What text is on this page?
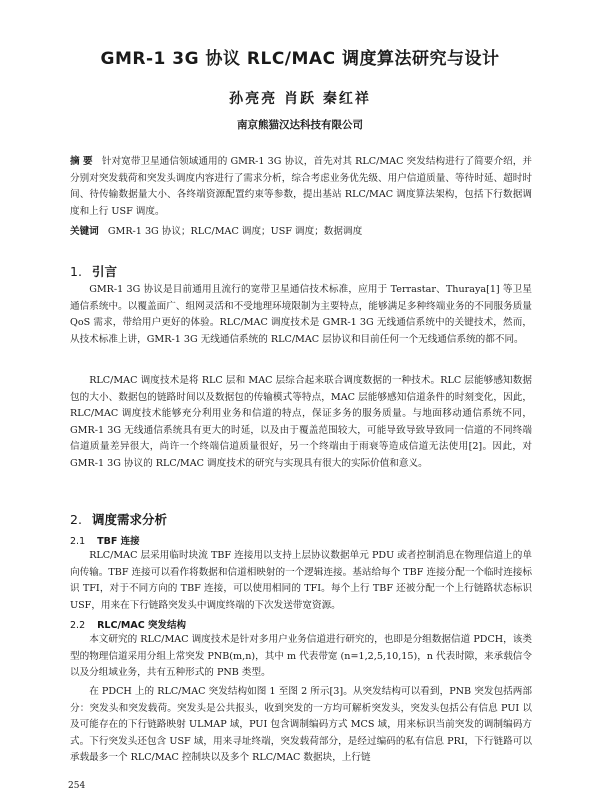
GMR-1 3G 协议 RLC/MAC 调度算法研究与设计
孙亮亮 肖跃 秦红祥
南京熊猫汉达科技有限公司
摘 要 针对宽带卫星通信领域通用的 GMR-1 3G 协议，首先对其 RLC/MAC 突发结构进行了简要介绍，并分别对突发载荷和突发头调度内容进行了需求分析，综合考虑业务优先级、用户信道质量、等待时延、超时时间、待传输数据量大小、各终端资源配置约束等参数，提出基站 RLC/MAC 调度算法架构，包括下行数据调度和上行 USF 调度。
关键词 GMR-1 3G 协议；RLC/MAC 调度；USF 调度；数据调度
1. 引言
GMR-1 3G 协议是目前通用且流行的宽带卫星通信技术标准，应用于 Terrastar、Thuraya[1] 等卫星通信系统中。以覆盖面广、组网灵活和不受地理环境限制为主要特点，能够满足多种终端业务的不同服务质量 QoS 需求，带给用户更好的体验。RLC/MAC 调度技术是 GMR-1 3G 无线通信系统中的关键技术，然而，从技术标准上讲，GMR-1 3G 无线通信系统的 RLC/MAC 层协议和目前任何一个无线通信系统的都不同。
RLC/MAC 调度技术是将 RLC 层和 MAC 层综合起来联合调度数据的一种技术。RLC 层能够感知数据包的大小、数据包的链路时间以及数据包的传输模式等特点，MAC 层能够感知信道条件的时刻变化，因此，RLC/MAC 调度技术能够充分利用业务和信道的特点，保证多务的服务质量。与地面移动通信系统不同，GMR-1 3G 无线通信系统具有更大的时延，以及由于覆盖范围较大，可能导致导致导致同一信道的不同终端信道质量差异很大，尚许一个终端信道质量很好，另一个终端由于雨衰等造成信道无法使用[2]。因此，对 GMR-1 3G 协议的 RLC/MAC 调度技术的研究与实现具有很大的实际价值和意义。
2. 调度需求分析
2.1 TBF 连接
RLC/MAC 层采用临时块流 TBF 连接用以支持上层协议数据单元 PDU 或者控制消息在物理信道上的单向传输。TBF 连接可以看作将数据和信道相映射的一个逻辑连接。基站给每个 TBF 连接分配一个临时连接标识 TFI，对于不同方向的 TBF 连接，可以使用相同的 TFI。每个上行 TBF 还被分配一个上行链路状态标识 USF，用来在下行链路突发头中调度终端的下次发送带宽资源。
2.2 RLC/MAC 突发结构
本文研究的 RLC/MAC 调度技术是针对多用户业务信道进行研究的，也即是分组数据信道 PDCH，该类型的物理信道采用分组上常突发 PNB(m,n)，其中 m 代表带宽 (n=1,2,5,10,15)，n 代表时隙，来承载信令以及分组域业务，共有五种形式的 PNB 类型。
在 PDCH 上的 RLC/MAC 突发结构如图 1 至图 2 所示[3]。从突发结构可以看到，PNB 突发包括两部分：突发头和突发载荷。突发头是公共报头，收到突发的一方均可解析突发头，突发头包括公有信息 PUI 以及可能存在的下行链路映射 ULMAP 域，PUI 包含调制编码方式 MCS 域，用来标识当前突发的调制编码方式。下行突发头还包含 USF 域，用来寻址终端，突发载荷部分，是经过编码的私有信息 PRI，下行链路可以承载最多一个 RLC/MAC 控制块以及多个 RLC/MAC 数据块，上行链
254
